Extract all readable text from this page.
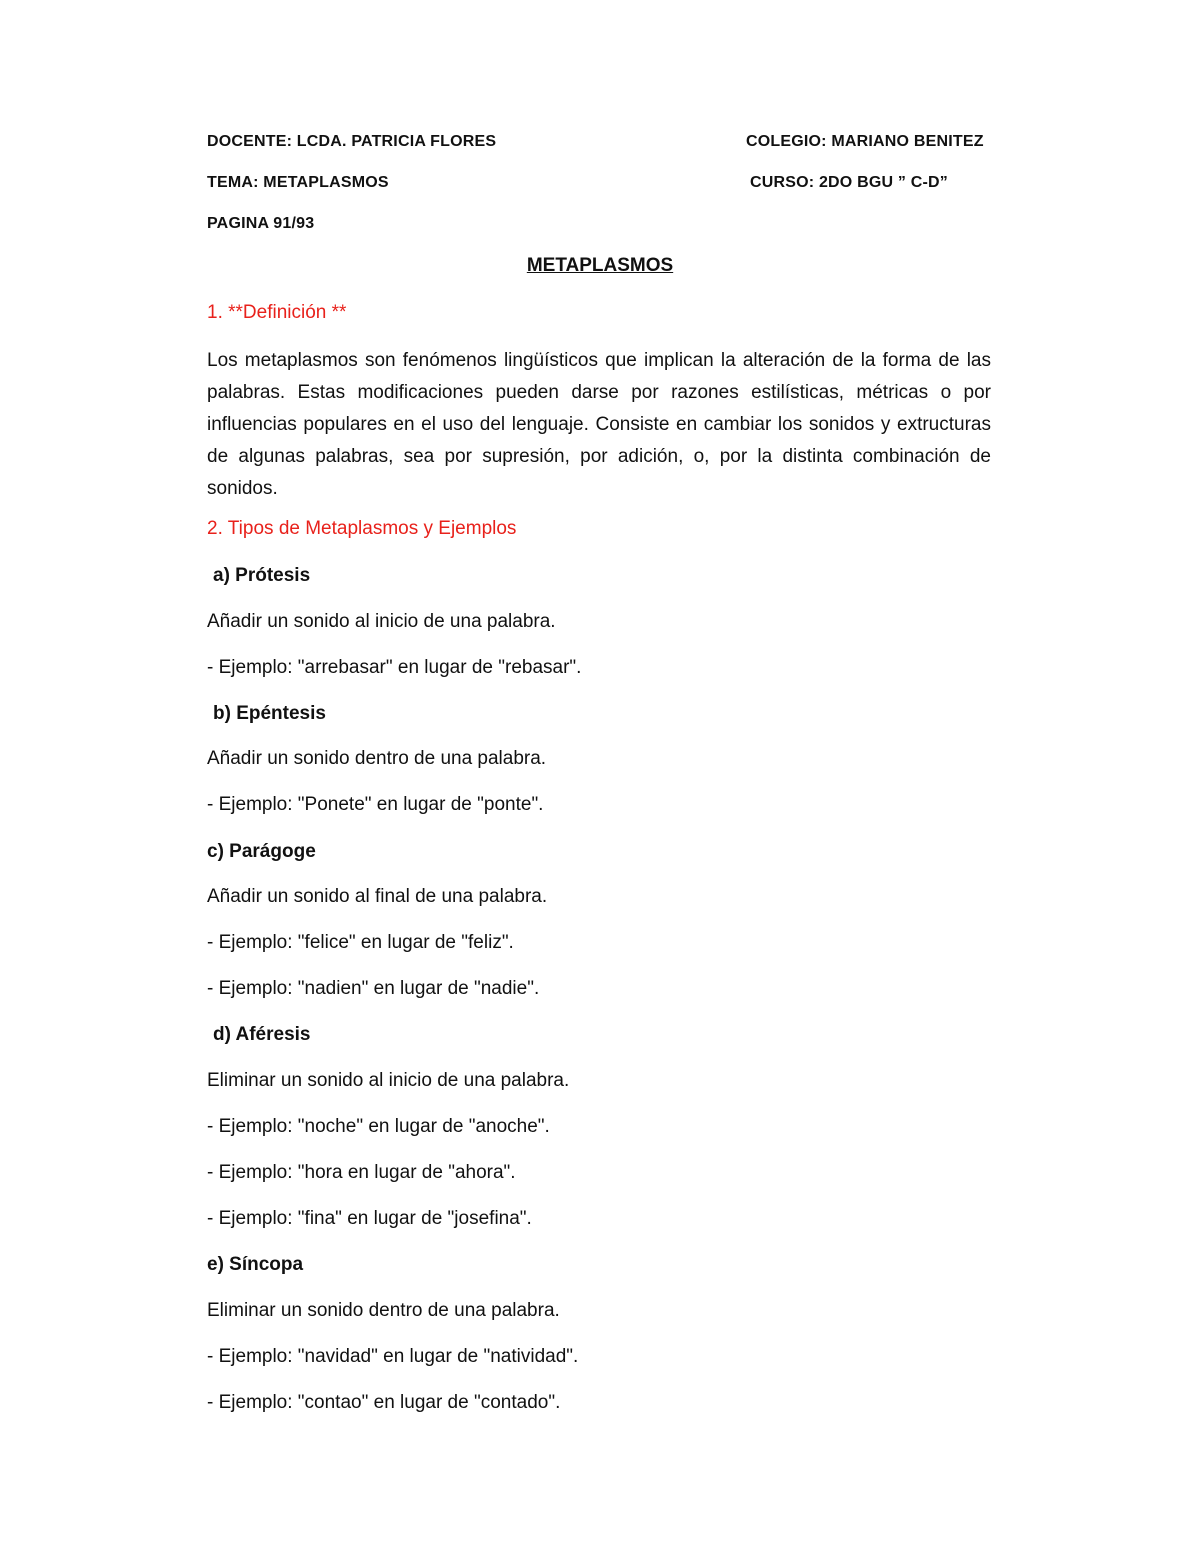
DOCENTE: LCDA. PATRICIA FLORES	COLEGIO: MARIANO BENITEZ
TEMA: METAPLASMOS	CURSO: 2DO BGU ” C-D”
PAGINA 91/93
METAPLASMOS
1. **Definición **
Los metaplasmos son fenómenos lingüísticos que implican la alteración de la forma de las palabras. Estas modificaciones pueden darse por razones estilísticas, métricas o por influencias populares en el uso del lenguaje. Consiste en cambiar los sonidos y extructuras de algunas palabras, sea por supresión, por adición, o, por la distinta combinación de sonidos.
2. Tipos de Metaplasmos y Ejemplos
a) Prótesis
Añadir un sonido al inicio de una palabra.
- Ejemplo: "arrebasar" en lugar de "rebasar".
b) Epéntesis
Añadir un sonido dentro de una palabra.
- Ejemplo: "Ponete" en lugar de "ponte".
c) Parágoge
Añadir un sonido al final de una palabra.
- Ejemplo: "felice" en lugar de "feliz".
- Ejemplo: "nadien" en lugar de "nadie".
d) Aféresis
Eliminar un sonido al inicio de una palabra.
- Ejemplo: "noche" en lugar de "anoche".
- Ejemplo: "hora en lugar de "ahora".
- Ejemplo: "fina" en lugar de "josefina".
e) Síncopa
Eliminar un sonido dentro de una palabra.
- Ejemplo: "navidad" en lugar de "natividad".
- Ejemplo: "contao" en lugar de "contado".
